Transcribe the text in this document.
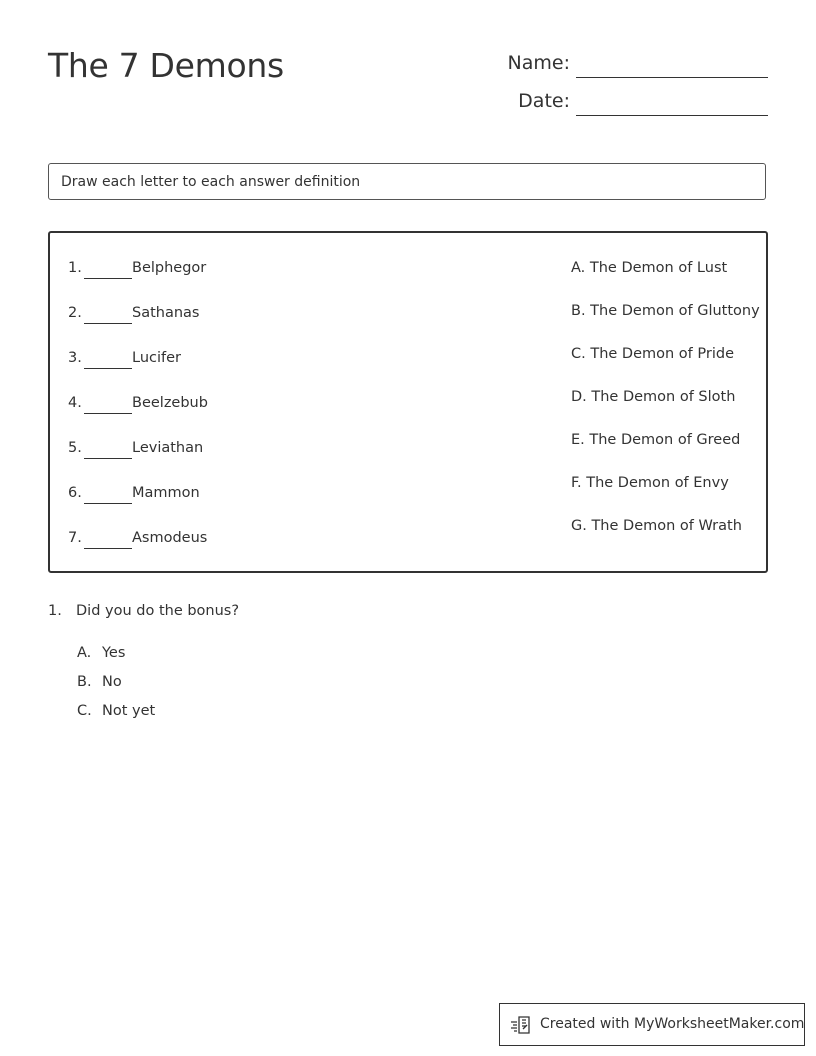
The 7 Demons	Name:
Date:
Draw each letter to each answer definition
1.	Belphegor
2.	Sathanas
3.	Lucifer
4.	Beelzebub
5.	Leviathan
6.	Mammon
7.	Asmodeus
A. The Demon of Lust
B. The Demon of Gluttony
C. The Demon of Pride
D. The Demon of Sloth
E. The Demon of Greed
F. The Demon of Envy
G. The Demon of Wrath
1. Did you do the bonus?
A. Yes
B. No
C. Not yet
Created with MyWorksheetMaker.com
